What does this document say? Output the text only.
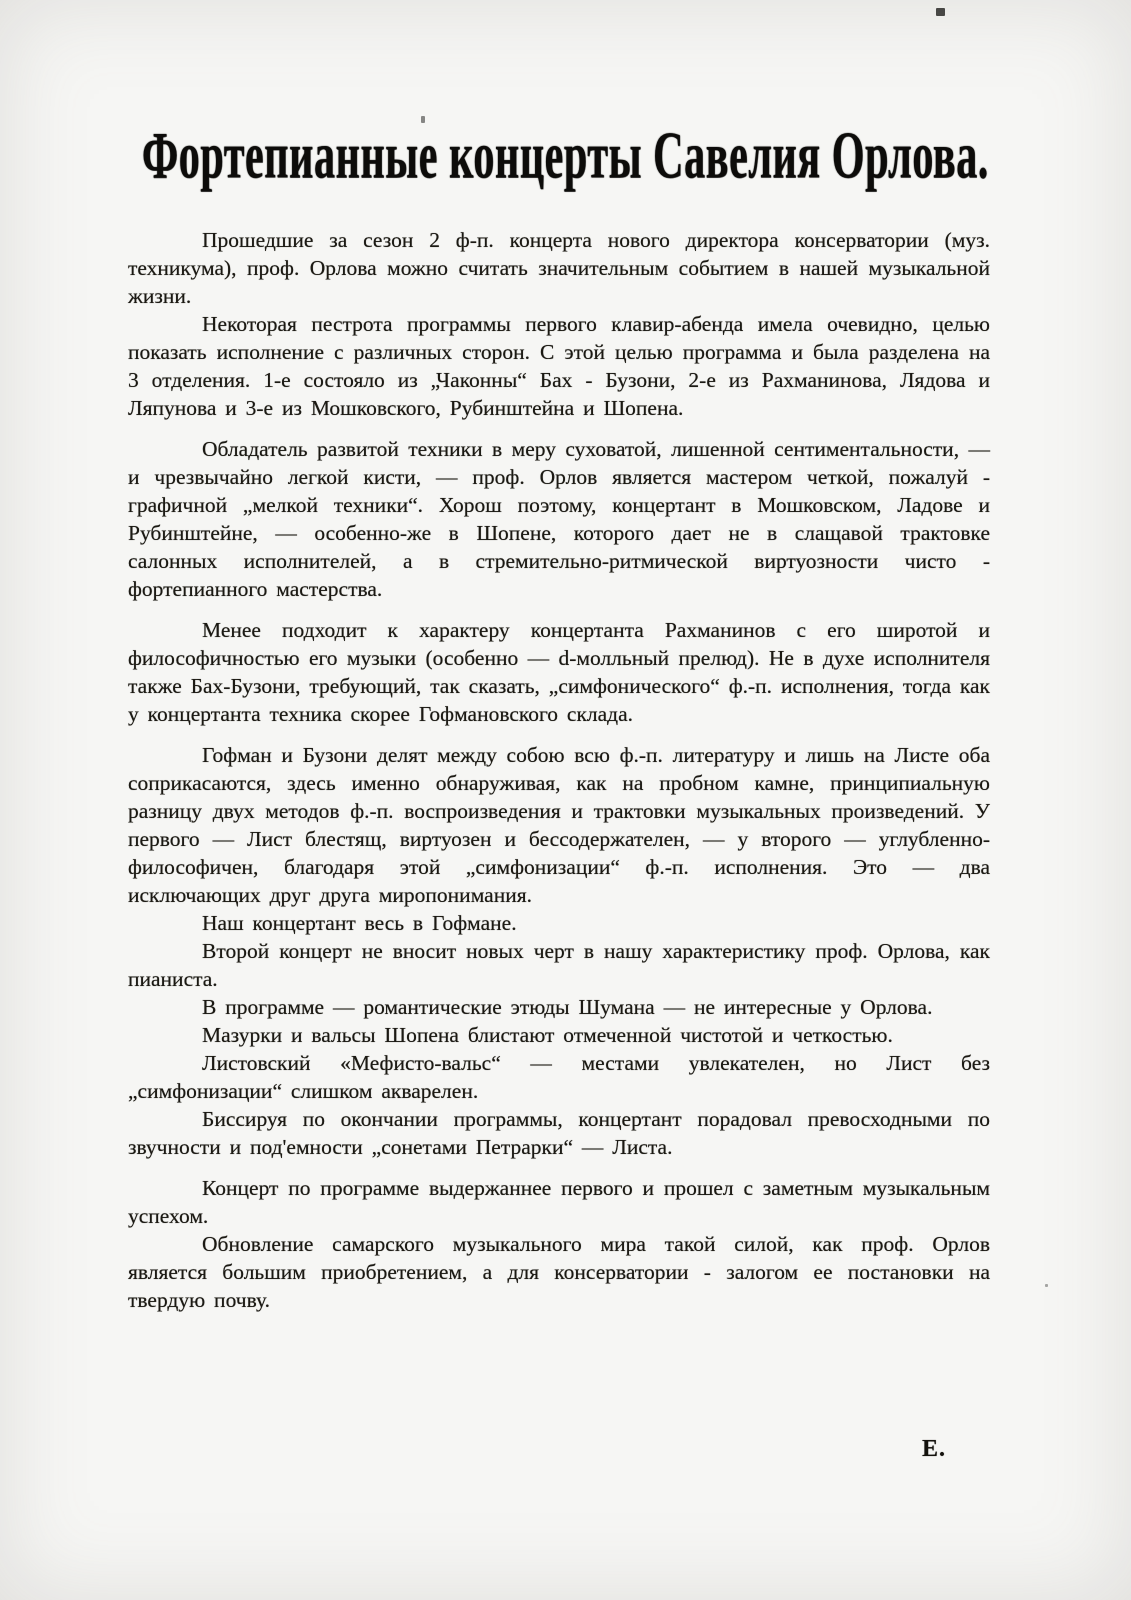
Фортепианные концерты Савелия Орлова.

Прошедшие за сезон 2 ф-п. концерта нового директора консерватории (муз. техникума), проф. Орлова можно считать значительным событием в нашей музыкальной жизни.

Некоторая пестрота программы первого клавир-абенда имела очевидно, целью показать исполнение с различных сторон. С этой целью программа и была разделена на 3 отделения. 1-е состояло из „Чаконны“ Бах - Бузони, 2-е из Рахманинова, Лядова и Ляпунова и 3-е из Мошковского, Рубинштейна и Шопена.

Обладатель развитой техники в меру суховатой, лишенной сентиментальности, — и чрезвычайно легкой кисти, — проф. Орлов является мастером четкой, пожалуй - графичной „мелкой техники“. Хорош поэтому, концертант в Мошковском, Ладове и Рубинштейне, — особенно-же в Шопене, которого дает не в слащавой трактовке салонных исполнителей, а в стремительно-ритмической виртуозности чисто - фортепианного мастерства.

Менее подходит к характеру концертанта Рахманинов с его широтой и философичностью его музыки (особенно — d-молльный прелюд). Не в духе исполнителя также Бах-Бузони, требующий, так сказать, „симфонического“ ф.-п. исполнения, тогда как у концертанта техника скорее Гофмановского склада.

Гофман и Бузони делят между собою всю ф.-п. литературу и лишь на Листе оба соприкасаются, здесь именно обнаруживая, как на пробном камне, принципиальную разницу двух методов ф.-п. воспроизведения и трактовки музыкальных произведений. У первого — Лист блестящ, виртуозен и бессодержателен, — у второго — углубленно-философичен, благодаря этой „симфонизации“ ф.-п. исполнения. Это — два исключающих друг друга миропонимания.

Наш концертант весь в Гофмане.

Второй концерт не вносит новых черт в нашу характеристику проф. Орлова, как пианиста.

В программе — романтические этюды Шумана — не интересные у Орлова.

Мазурки и вальсы Шопена блистают отмеченной чистотой и четкостью.

Листовский «Мефисто-вальс“ — местами увлекателен, но Лист без „симфонизации“ слишком акварелен.

Биссируя по окончании программы, концертант порадовал превосходными по звучности и под'емности „сонетами Петрарки“ — Листа.

Концерт по программе выдержаннее первого и прошел с заметным музыкальным успехом.

Обновление самарского музыкального мира такой силой, как проф. Орлов является большим приобретением, а для консерватории - залогом ее постановки на твердую почву.

Е.
